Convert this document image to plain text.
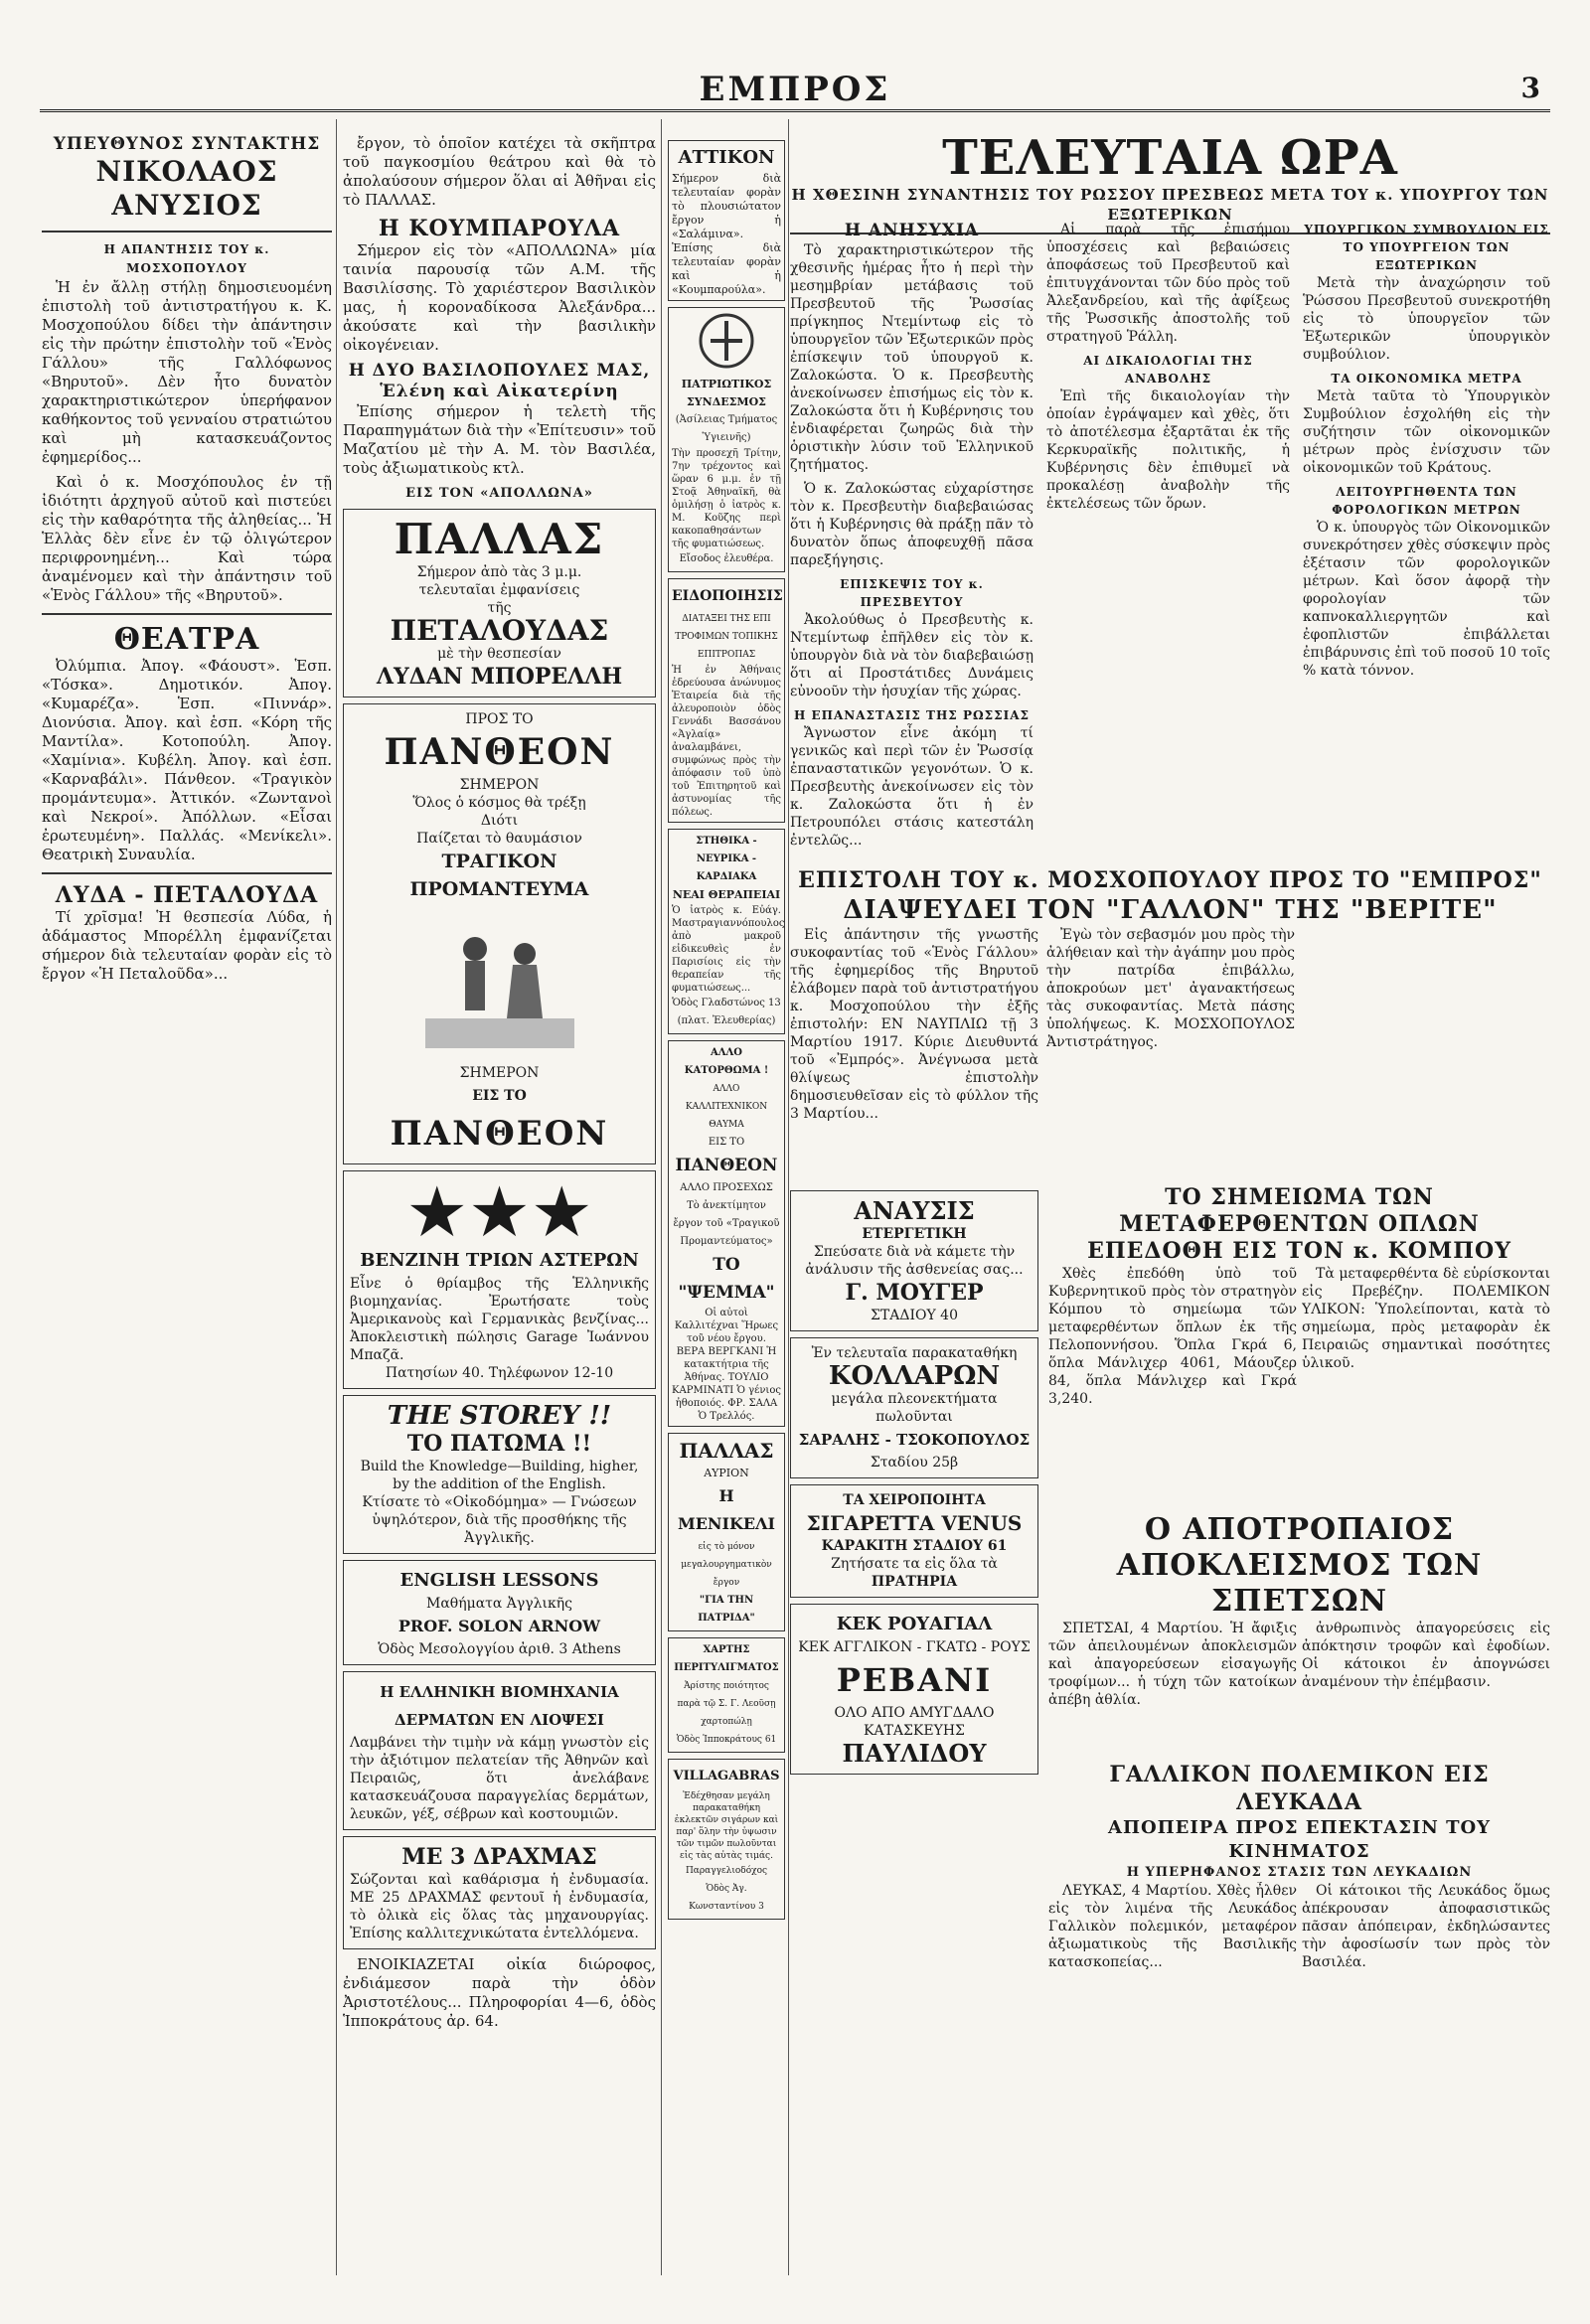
ΕΜΠΡΟΣ	3
ΥΠΕΥΘΥΝΟΣ ΣΥΝΤΑΚΤΗΣ
ΝΙΚΟΛΑΟΣ ΑΝΥΣΙΟΣ
Η ΑΠΑΝΤΗΣΙΣ ΤΟΥ κ. ΜΟΣΧΟΠΟΥΛΟΥ

Ἡ ἐν ἄλλῃ στήλῃ δημοσιευομένη ἐπιστολὴ τοῦ ἀντιστρατήγου κ. Κ. Μοσχοπούλου δίδει τὴν ἀπάντησιν εἰς τὴν πρώτην ἐπιστολὴν τοῦ «Ἑνὸς Γάλλου» τῆς Γαλλόφωνος «Βηρυτοῦ». Δὲν ἦτο δυνατὸν χαρακτηριστικώτερον ὑπερήφανον καθήκοντος τοῦ γενναίου στρατιώτου καὶ μὴ κατασκευάζοντος ἐφημερίδος...

Καὶ ὁ κ. Μοσχόπουλος ἐν τῇ ἰδιότητι ἀρχηγοῦ αὐτοῦ καὶ πιστεύει εἰς τὴν καθαρότητα τῆς ἀληθείας... Ἡ Ἑλλὰς δὲν εἶνε ἐν τῷ ὀλιγώτερον περιφρονημένη... Καὶ τώρα ἀναμένομεν καὶ τὴν ἀπάντησιν τοῦ «Ἑνὸς Γάλλου» τῆς «Βηρυτοῦ».

ΘΕΑΤΡΑ

Ὀλύμπια. Ἀπογ. «Φάουστ». Ἑσπ. «Τόσκα». Δημοτικόν. Ἀπογ. «Κυμαρέζα». Ἑσπ. «Πιννάρ». Διονύσια. Ἀπογ. καὶ ἑσπ. «Κόρη τῆς Μαντίλα». Κοτοπούλη. Ἀπογ. «Χαμίνια». Κυβέλη. Ἀπογ. καὶ ἑσπ. «Καρναβάλι». Πάνθεον. «Τραγικὸν προμάντευμα». Ἀττικόν. «Ζωντανοὶ καὶ Νεκροί». Ἀπόλλων. «Εἶσαι ἐρωτευμένη». Παλλάς. «Μενίκελι». Θεατρικὴ Συναυλία.

ΛΥΔΑ - ΠΕΤΑΛΟΥΔΑ

Τί χρῖσμα! Ἡ θεσπεσία Λύδα, ἡ ἀδάμαστος Μπορέλλη ἐμφανίζεται σήμερον διὰ τελευταίαν φορὰν εἰς τὸ ἔργον «Ἡ Πεταλοῦδα»...

ἔργον, τὸ ὁποῖον κατέχει τὰ σκῆπτρα τοῦ παγκοσμίου θεάτρου καὶ θὰ τὸ ἀπολαύσουν σήμερον ὅλαι αἱ Ἀθῆναι εἰς τὸ ΠΑΛΛΑΣ.

Η ΚΟΥΜΠΑΡΟΥΛΑ

Σήμερον εἰς τὸν «ΑΠΟΛΛΩΝΑ» μία ταινία παρουσίᾳ τῶν A.M. τῆς Βασιλίσσης. Τὸ χαριέστερον Βασιλικὸν μας, ἡ κοροναδίκοσα Ἀλεξάνδρα... ἀκούσατε καὶ τὴν βασιλικὴν οἰκογένειαν.

Η ΔΥΟ ΒΑΣΙΛΟΠΟΥΛΕΣ ΜΑΣ, Ἑλένη καὶ Αἰκατερίνη

Ἐπίσης σήμερον ἡ τελετὴ τῆς Παραπηγμάτων διὰ τὴν «Ἐπίτευσιν» τοῦ Μαζατίου μὲ τὴν A. M. τὸν Βασιλέα, τοὺς ἀξιωματικοὺς κτλ.

ΕΙΣ ΤΟΝ «ΑΠΟΛΛΩΝΑ»
ΠΑΛΛΑΣ
Σήμερον ἀπὸ τὰς 3 μ.μ.
τελευταῖαι ἐμφανίσεις
τῆς
ΠΕΤΑΛΟΥΔΑΣ
μὲ τὴν θεσπεσίαν
ΛΥΔΑΝ ΜΠΟΡΕΛΛΗ
ΠΡΟΣ ΤΟ
ΠΑΝΘΕΟΝ
ΣΗΜΕΡΟΝ
Ὅλος ὁ κόσμος θὰ τρέξῃ
Διότι
Παίζεται τὸ θαυμάσιον
ΤΡΑΓΙΚΟΝ ΠΡΟΜΑΝΤΕΥΜΑ
ΣΗΜΕΡΟΝ
ΕΙΣ ΤΟ
ΠΑΝΘΕΟΝ
★★★
ΒΕΝΖΙΝΗ ΤΡΙΩΝ ΑΣΤΕΡΩΝ
Εἶνε ὁ θρίαμβος τῆς Ἑλληνικῆς βιομηχανίας. Ἐρωτήσατε τοὺς Ἀμερικανοὺς καὶ Γερμανικὰς βενζίνας... Ἀποκλειστικὴ πώλησις Garage Ἰωάννου Μπαζᾶ.
Πατησίων 40. Τηλέφωνον 12-10
THE STOREY !!
ΤΟ ΠΑΤΩΜΑ !!
Build the Knowledge—Building, higher, by the addition of the English.
Κτίσατε τὸ «Οἰκοδόμημα» — Γνώσεων ὑψηλότερον, διὰ τῆς προσθήκης τῆς Ἀγγλικῆς.
ENGLISH LESSONS
Μαθήματα Ἀγγλικῆς
PROF. SOLON ARNOW
Ὁδὸς Μεσολογγίου ἀριθ. 3 Athens
Η ΕΛΛΗΝΙΚΗ ΒΙΟΜΗΧΑΝΙΑ ΔΕΡΜΑΤΩΝ ΕΝ ΛΙΟΨΕΣΙ
Λαμβάνει τὴν τιμὴν νὰ κάμῃ γνωστὸν εἰς τὴν ἀξιότιμον πελατείαν τῆς Ἀθηνῶν καὶ Πειραιῶς, ὅτι ἀνελάβανε κατασκευάζουσα παραγγελίας δερμάτων, λευκῶν, γέξ, σέβρων καὶ κοστουμιῶν.
ΜΕ 3 ΔΡΑΧΜΑΣ
Σώζονται καὶ καθάρισμα ἡ ἐνδυμασία. ΜΕ 25 ΔΡΑΧΜΑΣ φεντουῖ ἡ ἐνδυμασία, τὸ ὁλικὰ εἰς ὅλας τὰς μηχανουργίας. Ἐπίσης καλλιτεχνικώτατα ἐντελλόμενα.

ΕΝΟΙΚΙΑΖΕΤΑΙ οἰκία διώροφος, ἐνδιάμεσον παρὰ τὴν ὁδὸν Ἀριστοτέλους... Πληροφορίαι 4—6, ὁδὸς Ἱπποκράτους ἀρ. 64.

ΑΤΤΙΚΟΝ
Σήμερον διὰ τελευταίαν φορὰν τὸ πλουσιώτατον ἔργον ἡ «Σαλάμινα». Ἐπίσης διὰ τελευταίαν φορὰν καὶ ἡ «Κουμπαρούλα».
ΠΑΤΡΙΩΤΙΚΟΣ ΣΥΝΔΕΣΜΟΣ
(Ἀσίλειας Τμήματος Ὑγιεινῆς)
Τὴν προσεχῆ Τρίτην, 7ην τρέχοντος καὶ ὥραν 6 μ.μ. ἐν τῇ Στοᾷ Ἀθηναϊκῆ, θὰ ὁμιλήσῃ ὁ ἰατρὸς κ. Μ. Κοῦζης περὶ κακοπαθησάντων τῆς φυματιώσεως.
Εἴσοδος ἐλευθέρα.
ΕΙΔΟΠΟΙΗΣΙΣ
ΔΙΑΤΑΞΕΙ ΤΗΣ ΕΠΙ ΤΡΟΦΙΜΩΝ ΤΟΠΙΚΗΣ ΕΠΙΤΡΟΠΑΣ
Ἡ ἐν Ἀθήναις ἐδρεύουσα ἀνώνυμος Ἑταιρεία διὰ τῆς ἀλευροποιὸν ὁδὸς Γεννάδι Βασσάνου «Ἀγλαίᾳ» ἀναλαμβάνει, συμφώνως πρὸς τὴν ἀπόφασιν τοῦ ὑπὸ τοῦ Ἐπιτηρητοῦ καὶ ἀστυνομίας τῆς πόλεως.
ΣΤΗΘΙΚΑ - ΝΕΥΡΙΚΑ - ΚΑΡΔΙΑΚΑ
ΝΕΑΙ ΘΕΡΑΠΕΙΑΙ
Ὁ ἰατρὸς κ. Εὐάγ. Μαστραγιαννόπουλος ἀπὸ μακροῦ εἰδικευθεὶς ἐν Παρισίοις εἰς τὴν θεραπείαν τῆς φυματιώσεως...
Ὁδὸς Γλαδστώνος 13 (πλατ. Ἐλευθερίας)
ΑΛΛΟ ΚΑΤΟΡΘΩΜΑ !
ΑΛΛΟ ΚΑΛΛΙΤΕΧΝΙΚΟΝ ΘΑΥΜΑ
ΕΙΣ ΤΟ
ΠΑΝΘΕΟΝ
ΑΛΛΟ ΠΡΟΣΕΧΩΣ
Τὸ ἀνεκτίμητον ἔργον τοῦ «Τραγικοῦ Προμαντεύματος»
ΤΟ "ΨΕΜΜΑ"
Οἱ αὐτοὶ Καλλιτέχναι Ἥρωες τοῦ νέου ἔργου. ΒΕΡΑ ΒΕΡΓΚΑΝΙ Ἡ κατακτήτρια τῆς Ἀθήνας. ΤΟΥΛΙΟ ΚΑΡΜΙΝΑΤΙ Ὁ γένιος ἠθοποιός. ΦΡ. ΣΑΛΑ Ὁ Τρελλός.
ΠΑΛΛΑΣ
ΑΥΡΙΟΝ
Η ΜΕΝΙΚΕΛΙ
εἰς τὸ μόνον μεγαλουργηματικὸν ἔργον
"ΓΙΑ ΤΗΝ ΠΑΤΡΙΔΑ"
ΧΑΡΤΗΣ ΠΕΡΙΤΥΛΙΓΜΑΤΟΣ
Ἀρίστης ποιότητος
παρὰ τῷ Σ. Γ. Λεοῦσῃ χαρτοπώλῃ
Ὁδὸς Ἱπποκράτους 61
VILLAGABRAS
Ἐδέχθησαν μεγάλη παρακαταθήκη ἐκλεκτῶν σιγάρων καὶ παρ' ὅλην τὴν ὑψωσιν τῶν τιμῶν πωλοῦνται εἰς τὰς αὐτὰς τιμάς.
Παραγγελιοδόχος
Ὁδὸς Ἀγ. Κωνσταντίνου 3
ΤΕΛΕΥΤΑΙΑ ΩΡΑ
Η ΧΘΕΣΙΝΗ ΣΥΝΑΝΤΗΣΙΣ ΤΟΥ ΡΩΣΣΟΥ ΠΡΕΣΒΕΩΣ ΜΕΤΑ ΤΟΥ κ. ΥΠΟΥΡΓΟΥ ΤΩΝ ΕΞΩΤΕΡΙΚΩΝ
Η ΑΝΗΣΥΧΙΑ

Τὸ χαρακτηριστικώτερον τῆς χθεσινῆς ἡμέρας ἦτο ἡ περὶ τὴν μεσημβρίαν μετάβασις τοῦ Πρεσβευτοῦ τῆς Ῥωσσίας πρίγκηπος Ντεμίντωφ εἰς τὸ ὑπουργεῖον τῶν Ἐξωτερικῶν πρὸς ἐπίσκεψιν τοῦ ὑπουργοῦ κ. Ζαλοκώστα. Ὁ κ. Πρεσβευτὴς ἀνεκοίνωσεν ἐπισήμως εἰς τὸν κ. Ζαλοκώστα ὅτι ἡ Κυβέρνησις του ἐνδιαφέρεται ζωηρῶς διὰ τὴν ὁριστικὴν λύσιν τοῦ Ἑλληνικοῦ ζητήματος.

Ὁ κ. Ζαλοκώστας εὐχαρίστησε τὸν κ. Πρεσβευτὴν διαβεβαιώσας ὅτι ἡ Κυβέρνησις θὰ πράξῃ πᾶν τὸ δυνατὸν ὅπως ἀποφευχθῇ πᾶσα παρεξήγησις.

ΕΠΙΣΚΕΨΙΣ ΤΟΥ κ. ΠΡΕΣΒΕΥΤΟΥ

Ἀκολούθως ὁ Πρεσβευτὴς κ. Ντεμίντωφ ἐπῆλθεν εἰς τὸν κ. ὑπουργὸν διὰ νὰ τὸν διαβεβαιώσῃ ὅτι αἱ Προστάτιδες Δυνάμεις εὐνοοῦν τὴν ἡσυχίαν τῆς χώρας.

Η ΕΠΑΝΑΣΤΑΣΙΣ ΤΗΣ ΡΩΣΣΙΑΣ

Ἄγνωστον εἶνε ἀκόμη τί γενικῶς καὶ περὶ τῶν ἐν Ῥωσσίᾳ ἐπαναστατικῶν γεγονότων. Ὁ κ. Πρεσβευτὴς ἀνεκοίνωσεν εἰς τὸν κ. Ζαλοκώστα ὅτι ἡ ἐν Πετρουπόλει στάσις κατεστάλη ἐντελῶς...

Αἱ παρὰ τῆς ἐπισήμου ὑποσχέσεις καὶ βεβαιώσεις ἀποφάσεως τοῦ Πρεσβευτοῦ καὶ ἐπιτυγχάνονται τῶν δύο πρὸς τοῦ Ἀλεξανδρείου, καὶ τῆς ἀφίξεως τῆς Ῥωσσικῆς ἀποστολῆς τοῦ στρατηγοῦ Ῥάλλη.

ΑΙ ΔΙΚΑΙΟΛΟΓΙΑΙ ΤΗΣ ΑΝΑΒΟΛΗΣ

Ἐπὶ τῆς δικαιολογίαν τὴν ὁποίαν ἐγράψαμεν καὶ χθὲς, ὅτι τὸ ἀποτέλεσμα ἐξαρτᾶται ἐκ τῆς Κερκυραϊκῆς πολιτικῆς, ἡ Κυβέρνησις δὲν ἐπιθυμεῖ νὰ προκαλέσῃ ἀναβολὴν τῆς ἐκτελέσεως τῶν ὅρων.

ΥΠΟΥΡΓΙΚΟΝ ΣΥΜΒΟΥΛΙΟΝ ΕΙΣ ΤΟ ΥΠΟΥΡΓΕΙΟΝ ΤΩΝ ΕΞΩΤΕΡΙΚΩΝ

Μετὰ τὴν ἀναχώρησιν τοῦ Ῥώσσου Πρεσβευτοῦ συνεκροτήθη εἰς τὸ ὑπουργεῖον τῶν Ἐξωτερικῶν ὑπουργικὸν συμβούλιον.

ΤΑ ΟΙΚΟΝΟΜΙΚΑ ΜΕΤΡΑ

Μετὰ ταῦτα τὸ Ὑπουργικὸν Συμβούλιον ἐσχολήθη εἰς τὴν συζήτησιν τῶν οἰκονομικῶν μέτρων πρὸς ἐνίσχυσιν τῶν οἰκονομικῶν τοῦ Κράτους.

ΛΕΙΤΟΥΡΓΗΘΕΝΤΑ ΤΩΝ ΦΟΡΟΛΟΓΙΚΩΝ ΜΕΤΡΩΝ

Ὁ κ. ὑπουργὸς τῶν Οἰκονομικῶν συνεκρότησεν χθὲς σύσκεψιν πρὸς ἐξέτασιν τῶν φορολογικῶν μέτρων. Καὶ ὅσον ἀφορᾷ τὴν φορολογίαν τῶν καπνοκαλλιεργητῶν καὶ ἐφοπλιστῶν ἐπιβάλλεται ἐπιβάρυνσις ἐπὶ τοῦ ποσοῦ 10 τοῖς % κατὰ τόννον.

ΕΠΙΣΤΟΛΗ ΤΟΥ κ. ΜΟΣΧΟΠΟΥΛΟΥ ΠΡΟΣ ΤΟ "ΕΜΠΡΟΣ"
ΔΙΑΨΕΥΔΕΙ ΤΟΝ "ΓΑΛΛΟΝ" ΤΗΣ "ΒΕΡΙΤΕ"

Εἰς ἀπάντησιν τῆς γνωστῆς συκοφαντίας τοῦ «Ἑνὸς Γάλλου» τῆς ἐφημερίδος τῆς Βηρυτοῦ ἐλάβομεν παρὰ τοῦ ἀντιστρατήγου κ. Μοσχοπούλου τὴν ἑξῆς ἐπιστολήν: ΕΝ ΝΑΥΠΛΙΩ τῇ 3 Μαρτίου 1917. Κύριε Διευθυντά τοῦ «Ἐμπρός». Ἀνέγνωσα μετὰ θλίψεως ἐπιστολὴν δημοσιευθεῖσαν εἰς τὸ φύλλον τῆς 3 Μαρτίου...

Ἐγὼ τὸν σεβασμόν μου πρὸς τὴν ἀλήθειαν καὶ τὴν ἀγάπην μου πρὸς τὴν πατρίδα ἐπιβάλλω, ἀποκρούων μετ' ἀγανακτήσεως τὰς συκοφαντίας. Μετὰ πάσης ὑπολήψεως. Κ. ΜΟΣΧΟΠΟΥΛΟΣ Ἀντιστράτηγος.

ΤΟ ΣΗΜΕΙΩΜΑ ΤΩΝ ΜΕΤΑΦΕΡΘΕΝΤΩΝ ΟΠΛΩΝ ΕΠΕΔΟΘΗ ΕΙΣ ΤΟΝ κ. ΚΟΜΠΟΥ

Χθὲς ἐπεδόθη ὑπὸ τοῦ Κυβερνητικοῦ πρὸς τὸν στρατηγὸν Κόμπου τὸ σημείωμα τῶν μεταφερθέντων ὅπλων ἐκ τῆς Πελοποννήσου. Ὅπλα Γκρά 6, ὅπλα Μάνλιχερ 4061, Μάουζερ 84, ὅπλα Μάνλιχερ καὶ Γκρά 3,240.

Τὰ μεταφερθέντα δὲ εὑρίσκονται εἰς Πρεβέζην. ΠΟΛΕΜΙΚΟΝ ΥΛΙΚΟΝ: Ὑπολείπονται, κατὰ τὸ σημείωμα, πρὸς μεταφορὰν ἐκ Πειραιῶς σημαντικαὶ ποσότητες ὑλικοῦ.

Ο ΑΠΟΤΡΟΠΑΙΟΣ ΑΠΟΚΛΕΙΣΜΟΣ ΤΩΝ ΣΠΕΤΣΩΝ

ΣΠΕΤΣΑΙ, 4 Μαρτίου. Ἡ ἄφιξις τῶν ἀπειλουμένων ἀποκλεισμῶν καὶ ἀπαγορεύσεων εἰσαγωγῆς τροφίμων... ἡ τύχη τῶν κατοίκων ἀπέβη ἀθλία.

ἀνθρωπινὸς ἀπαγορεύσεις εἰς ἀπόκτησιν τροφῶν καὶ ἐφοδίων. Οἱ κάτοικοι ἐν ἀπογνώσει ἀναμένουν τὴν ἐπέμβασιν.

ΓΑΛΛΙΚΟΝ ΠΟΛΕΜΙΚΟΝ ΕΙΣ ΛΕΥΚΑΔΑ
ΑΠΟΠΕΙΡΑ ΠΡΟΣ ΕΠΕΚΤΑΣΙΝ ΤΟΥ ΚΙΝΗΜΑΤΟΣ
Η ΥΠΕΡΗΦΑΝΟΣ ΣΤΑΣΙΣ ΤΩΝ ΛΕΥΚΑΔΙΩΝ

ΛΕΥΚΑΣ, 4 Μαρτίου. Χθὲς ἦλθεν εἰς τὸν λιμένα τῆς Λευκάδος Γαλλικὸν πολεμικόν, μεταφέρον ἀξιωματικοὺς τῆς Βασιλικῆς κατασκοπείας...

Οἱ κάτοικοι τῆς Λευκάδος ὅμως ἀπέκρουσαν ἀποφασιστικῶς πᾶσαν ἀπόπειραν, ἐκδηλώσαντες τὴν ἀφοσίωσίν των πρὸς τὸν Βασιλέα.

ΑΝΑΥΣΙΣ
ΕΤΕΡΓΕΤΙΚΗ
Σπεύσατε διὰ νὰ κάμετε τὴν ἀνάλυσιν τῆς ἀσθενείας σας...
Γ. ΜΟΥΓΕΡ
ΣΤΑΔΙΟΥ 40
Ἐν τελευταῖα παρακαταθήκη
ΚΟΛΛΑΡΩΝ
μεγάλα πλεονεκτήματα πωλοῦνται
ΣΑΡΑΛΗΣ - ΤΣΟΚΟΠΟΥΛΟΣ
Σταδίου 25β
ΤΑ ΧΕΙΡΟΠΟΙΗΤΑ
ΣΙΓΑΡΕΤΤΑ VENUS
ΚΑΡΑΚΙΤΗ ΣΤΑΔΙΟΥ 61
Ζητήσατε τα εἰς ὅλα τὰ
ΠΡΑΤΗΡΙΑ
ΚΕΚ ΡΟΥΑΓΙΑΛ
ΚΕΚ ΑΓΓΛΙΚΟΝ - ΓΚΑΤΩ - ΡΟΥΣ
ΡΕΒΑΝΙ
ΟΛΟ ΑΠΟ ΑΜΥΓΔΑΛΟ
ΚΑΤΑΣΚΕΥΗΣ
ΠΑΥΛΙΔΟΥ
